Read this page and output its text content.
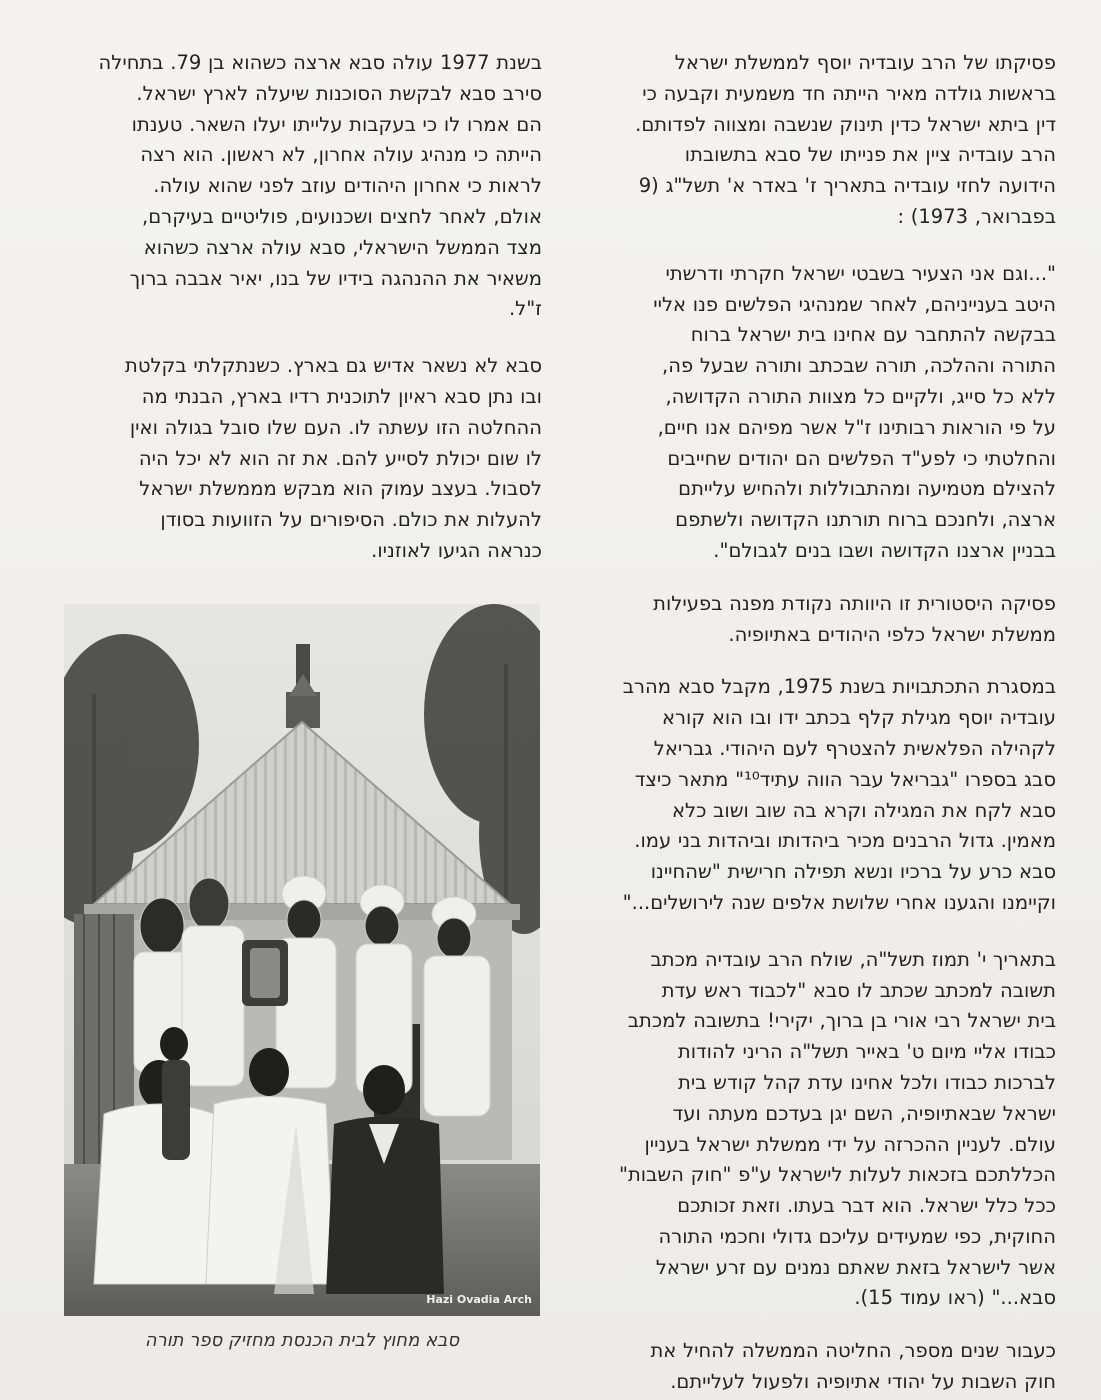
פסיקתו של הרב עובדיה יוסף לממשלת ישראל
בראשות גולדה מאיר הייתה חד משמעית וקבעה כי
דין ביתא ישראל כדין תינוק שנשבה ומצווה לפדותם.
הרב עובדיה ציין את פנייתו של סבא בתשובתו
הידועה לחזי עובדיה בתאריך ז' באדר א' תשל"ג (9
בפברואר, 1973) :

"...וגם אני הצעיר בשבטי ישראל חקרתי ודרשתי
היטב בענייניהם, לאחר שמנהיגי הפלשים פנו אליי
בבקשה להתחבר עם אחינו בית ישראל ברוח
התורה וההלכה, תורה שבכתב ותורה שבעל פה,
ללא כל סייג, ולקיים כל מצוות התורה הקדושה,
על פי הוראות רבותינו ז"ל אשר מפיהם אנו חיים,
והחלטתי כי לפע"ד הפלשים הם יהודים שחייבים
להצילם מטמיעה ומהתבוללות ולהחיש עלייתם
ארצה, ולחנכם ברוח תורתנו הקדושה ולשתפם
בבניין ארצנו הקדושה ושבו בנים לגבולם".

פסיקה היסטורית זו היוותה נקודת מפנה בפעילות
ממשלת ישראל כלפי היהודים באתיופיה.

במסגרת התכתבויות בשנת 1975, מקבל סבא מהרב
עובדיה יוסף מגילת קלף בכתב ידו ובו הוא קורא
לקהילה הפלאשית להצטרף לעם היהודי. גבריאל
סבג בספרו "גבריאל עבר הווה עתיד¹⁰" מתאר כיצד
סבא לקח את המגילה וקרא בה שוב ושוב כלא
מאמין. גדול הרבנים מכיר ביהדותו וביהדות בני עמו.
סבא כרע על ברכיו ונשא תפילה חרישית "שהחיינו
וקיימנו והגענו אחרי שלושת אלפים שנה לירושלים..."

בתאריך י' תמוז תשל"ה, שולח הרב עובדיה מכתב
תשובה למכתב שכתב לו סבא "לכבוד ראש עדת
בית ישראל רבי אורי בן ברוך, יקירי! בתשובה למכתב
כבודו אליי מיום ט' באייר תשל"ה הריני להודות
לברכות כבודו ולכל אחינו עדת קהל קודש בית
ישראל שבאתיופיה, השם יגן בעדכם מעתה ועד
עולם. לעניין ההכרזה על ידי ממשלת ישראל בעניין
הכללתכם בזכאות לעלות לישראל ע"פ "חוק השבות"
ככל כלל ישראל. הוא דבר בעתו. וזאת זכותכם
החוקית, כפי שמעידים עליכם גדולי וחכמי התורה
אשר לישראל בזאת שאתם נמנים עם זרע ישראל
סבא..." (ראו עמוד 15).

כעבור שנים מספר, החליטה הממשלה להחיל את
חוק השבות על יהודי אתיופיה ולפעול לעלייתם.

בשנת 1977 עולה סבא ארצה כשהוא בן 79. בתחילה
סירב סבא לבקשת הסוכנות שיעלה לארץ ישראל.
הם אמרו לו כי בעקבות עלייתו יעלו השאר. טענתו
הייתה כי מנהיג עולה אחרון, לא ראשון. הוא רצה
לראות כי אחרון היהודים עוזב לפני שהוא עולה.
אולם, לאחר לחצים ושכנועים, פוליטיים בעיקרם,
מצד הממשל הישראלי, סבא עולה ארצה כשהוא
משאיר את ההנהגה בידיו של בנו, יאיר אבבה ברוך
ז"ל.

סבא לא נשאר אדיש גם בארץ. כשנתקלתי בקלטת
ובו נתן סבא ראיון לתוכנית רדיו בארץ, הבנתי מה
ההחלטה הזו עשתה לו. העם שלו סובל בגולה ואין
לו שום יכולת לסייע להם. את זה הוא לא יכל היה
לסבול. בעצב עמוק הוא מבקש מממשלת ישראל
להעלות את כולם. הסיפורים על הזוועות בסודן
כנראה הגיעו לאוזניו.

Hazi Ovadia Arch
סבא מחוץ לבית הכנסת מחזיק ספר תורה
